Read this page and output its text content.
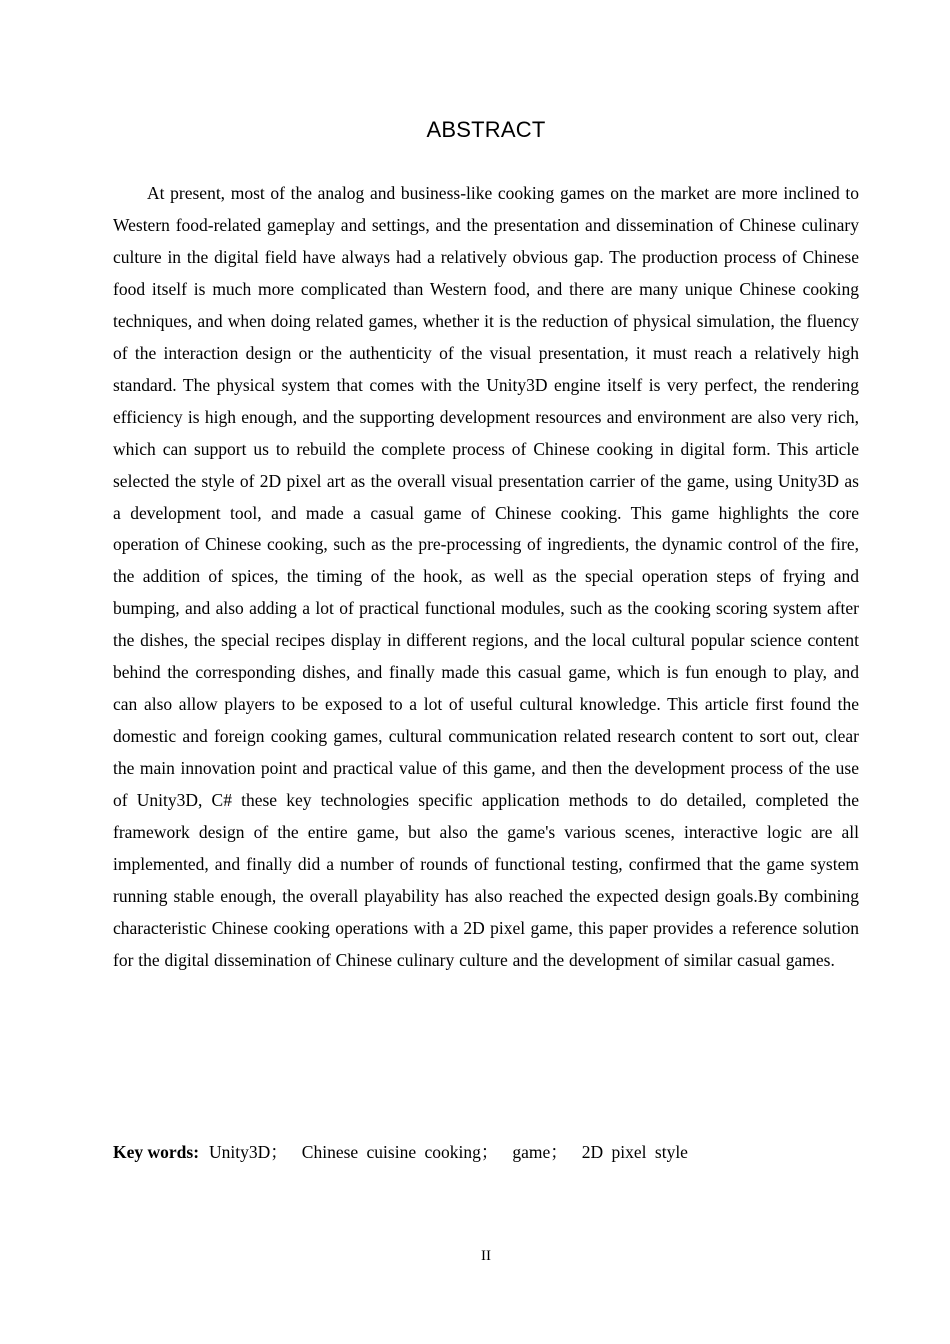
ABSTRACT

At present, most of the analog and business-like cooking games on the market are more inclined to Western food-related gameplay and settings, and the presentation and dissemination of Chinese culinary culture in the digital field have always had a relatively obvious gap. The production process of Chinese food itself is much more complicated than Western food, and there are many unique Chinese cooking techniques, and when doing related games, whether it is the reduction of physical simulation, the fluency of the interaction design or the authenticity of the visual presentation, it must reach a relatively high standard. The physical system that comes with the Unity3D engine itself is very perfect, the rendering efficiency is high enough, and the supporting development resources and environment are also very rich, which can support us to rebuild the complete process of Chinese cooking in digital form. This article selected the style of 2D pixel art as the overall visual presentation carrier of the game, using Unity3D as a development tool, and made a casual game of Chinese cooking. This game highlights the core operation of Chinese cooking, such as the pre-processing of ingredients, the dynamic control of the fire, the addition of spices, the timing of the hook, as well as the special operation steps of frying and bumping, and also adding a lot of practical functional modules, such as the cooking scoring system after the dishes, the special recipes display in different regions, and the local cultural popular science content behind the corresponding dishes, and finally made this casual game, which is fun enough to play, and can also allow players to be exposed to a lot of useful cultural knowledge. This article first found the domestic and foreign cooking games, cultural communication related research content to sort out, clear the main innovation point and practical value of this game, and then the development process of the use of Unity3D, C# these key technologies specific application methods to do detailed, completed the framework design of the entire game, but also the game's various scenes, interactive logic are all implemented, and finally did a number of rounds of functional testing, confirmed that the game system running stable enough, the overall playability has also reached the expected design goals.By combining characteristic Chinese cooking operations with a 2D pixel game, this paper provides a reference solution for the digital dissemination of Chinese culinary culture and the development of similar casual games.

Key words: Unity3D； Chinese cuisine cooking； game； 2D pixel style
II
